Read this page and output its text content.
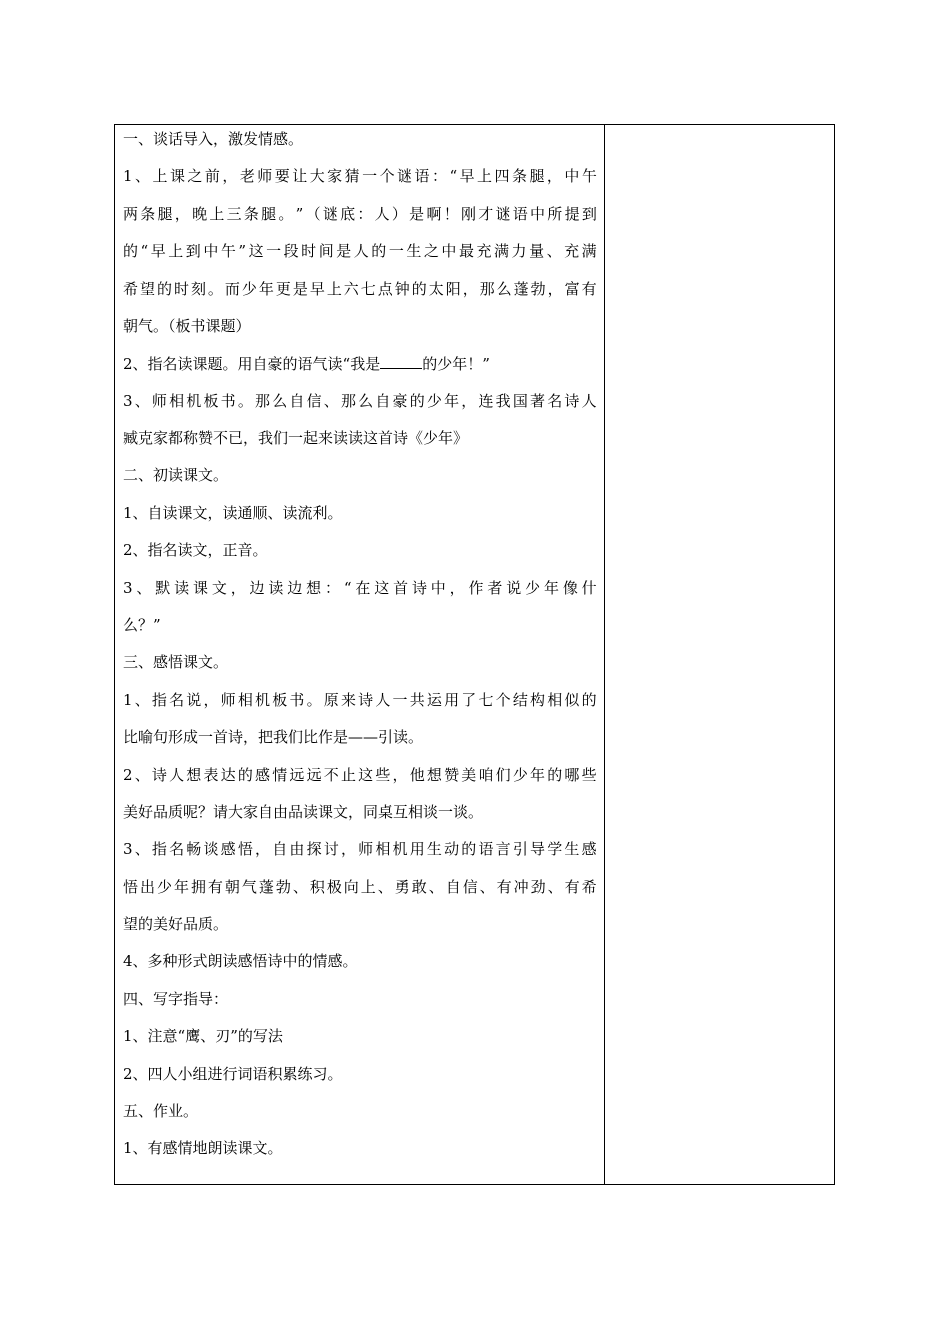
一、谈话导入，激发情感。
1 、 上 课 之 前 ， 老 师 要 让 大 家 猜 一 个 谜 语 ： “ 早 上 四 条 腿 ， 中 午
两 条 腿 ， 晚 上 三 条 腿 。 ” （ 谜 底 ： 人 ） 是 啊 ！ 刚 才 谜 语 中 所 提 到
的 “ 早 上 到 中 午 ” 这 一 段 时 间 是 人 的 一 生 之 中 最 充 满 力 量 、 充 满
希 望 的 时 刻 。 而 少 年 更 是 早 上 六 七 点 钟 的 太 阳 ， 那 么 蓬 勃 ， 富 有
朝气。（板书课题）
2、指名读课题。用自豪的语气读“我是	的少年！”
3 、 师 相 机 板 书 。 那 么 自 信 、 那 么 自 豪 的 少 年 ， 连 我 国 著 名 诗 人
臧克家都称赞不已，我们一起来读读这首诗《少年》
二、初读课文。
1、自读课文，读通顺、读流利。
2、指名读文，正音。
3 、 默 读 课 文 ， 边 读 边 想 ： “ 在 这 首 诗 中 ， 作 者 说 少 年 像 什
么？”
三、感悟课文。
1 、 指 名 说 ， 师 相 机 板 书 。 原 来 诗 人 一 共 运 用 了 七 个 结 构 相 似 的
比喻句形成一首诗，把我们比作是——引读。
2 、 诗 人 想 表 达 的 感 情 远 远 不 止 这 些 ， 他 想 赞 美 咱 们 少 年 的 哪 些
美好品质呢？请大家自由品读课文，同桌互相谈一谈。
3 、 指 名 畅 谈 感 悟 ， 自 由 探 讨 ， 师 相 机 用 生 动 的 语 言 引 导 学 生 感
悟 出 少 年 拥 有 朝 气 蓬 勃 、 积 极 向 上 、 勇 敢 、 自 信 、 有 冲 劲 、 有 希
望的美好品质。
4、多种形式朗读感悟诗中的情感。
四、写字指导：
1、注意“鹰、刃”的写法
2、四人小组进行词语积累练习。
五、作业。
1、有感情地朗读课文。
